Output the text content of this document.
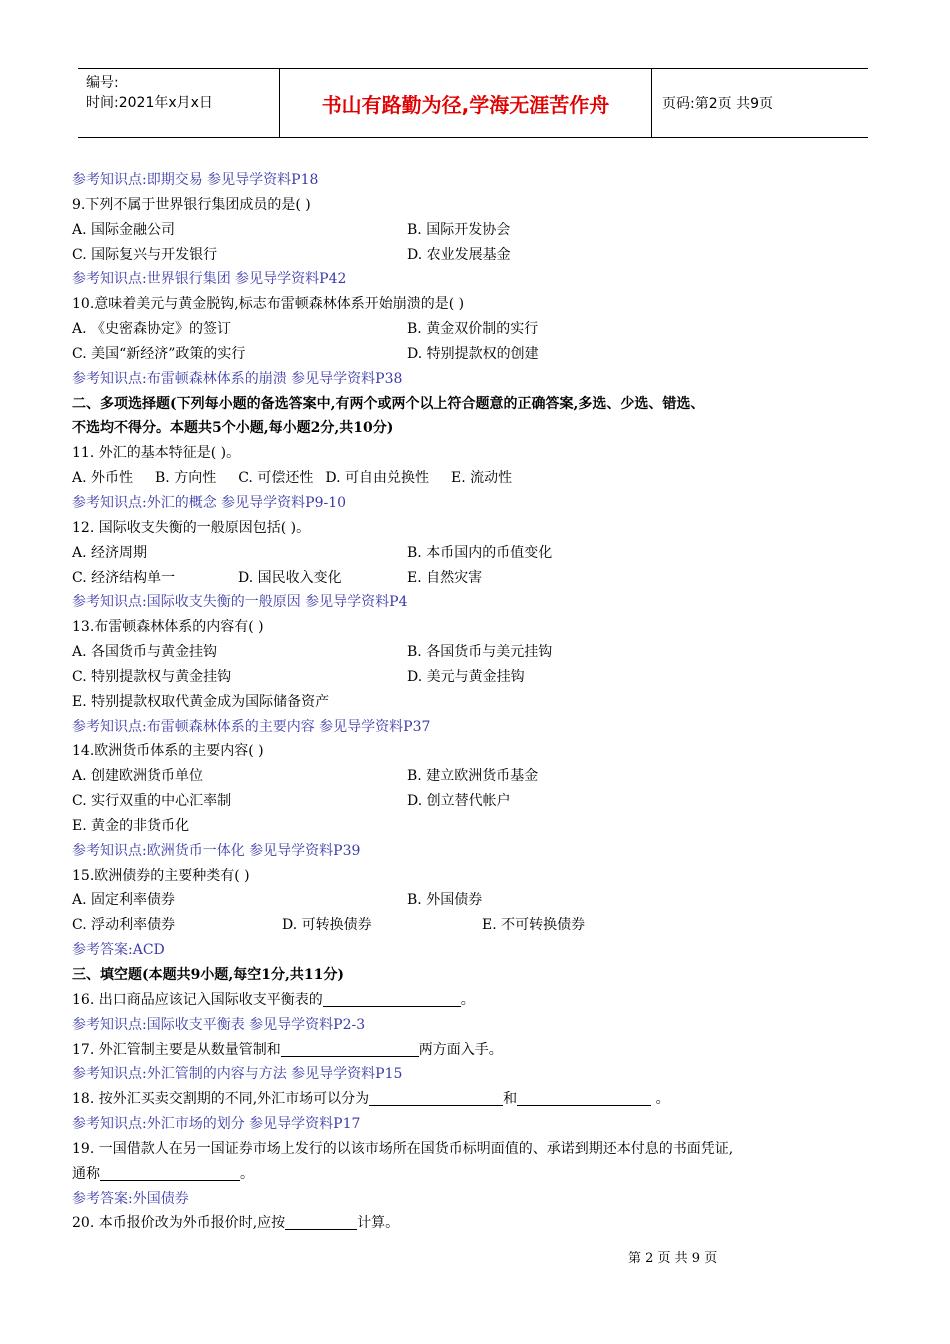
编号:
时间:2021年x月x日	书山有路勤为径,学海无涯苦作舟	页码:第2页 共9页
参考知识点:即期交易 参见导学资料P18
9.下列不属于世界银行集团成员的是( )
A. 国际金融公司	B. 国际开发协会
C. 国际复兴与开发银行	D. 农业发展基金
参考知识点:世界银行集团 参见导学资料P42
10.意味着美元与黄金脱钩,标志布雷顿森林体系开始崩溃的是( )
A. 《史密森协定》的签订	B. 黄金双价制的实行
C. 美国“新经济”政策的实行	D. 特别提款权的创建
参考知识点:布雷顿森林体系的崩溃 参见导学资料P38
二、多项选择题(下列每小题的备选答案中,有两个或两个以上符合题意的正确答案,多选、少选、错选、
不选均不得分。本题共5个小题,每小题2分,共10分)
11. 外汇的基本特征是( )。
A. 外币性 B. 方向性 C. 可偿还性 D. 可自由兑换性 E. 流动性
参考知识点:外汇的概念 参见导学资料P9-10
12. 国际收支失衡的一般原因包括( )。
A. 经济周期	B. 本币国内的币值变化
C. 经济结构单一	D. 国民收入变化	E. 自然灾害
参考知识点:国际收支失衡的一般原因 参见导学资料P4
13.布雷顿森林体系的内容有( )
A. 各国货币与黄金挂钩	B. 各国货币与美元挂钩
C. 特别提款权与黄金挂钩	D. 美元与黄金挂钩
E. 特别提款权取代黄金成为国际储备资产
参考知识点:布雷顿森林体系的主要内容 参见导学资料P37
14.欧洲货币体系的主要内容( )
A. 创建欧洲货币单位	B. 建立欧洲货币基金
C. 实行双重的中心汇率制	D. 创立替代帐户
E. 黄金的非货币化
参考知识点:欧洲货币一体化 参见导学资料P39
15.欧洲债券的主要种类有( )
A. 固定利率债券	B. 外国债券
C. 浮动利率债券	D. 可转换债券	E. 不可转换债券
参考答案:ACD
三、填空题(本题共9小题,每空1分,共11分)
16. 出口商品应该记入国际收支平衡表的	。
参考知识点:国际收支平衡表 参见导学资料P2-3
17. 外汇管制主要是从数量管制和	两方面入手。
参考知识点:外汇管制的内容与方法 参见导学资料P15
18. 按外汇买卖交割期的不同,外汇市场可以分为	和	。
参考知识点:外汇市场的划分 参见导学资料P17
19. 一国借款人在另一国证券市场上发行的以该市场所在国货币标明面值的、承诺到期还本付息的书面凭证,
通称	。
参考答案:外国债券
20. 本币报价改为外币报价时,应按	计算。
第 2 页 共 9 页
